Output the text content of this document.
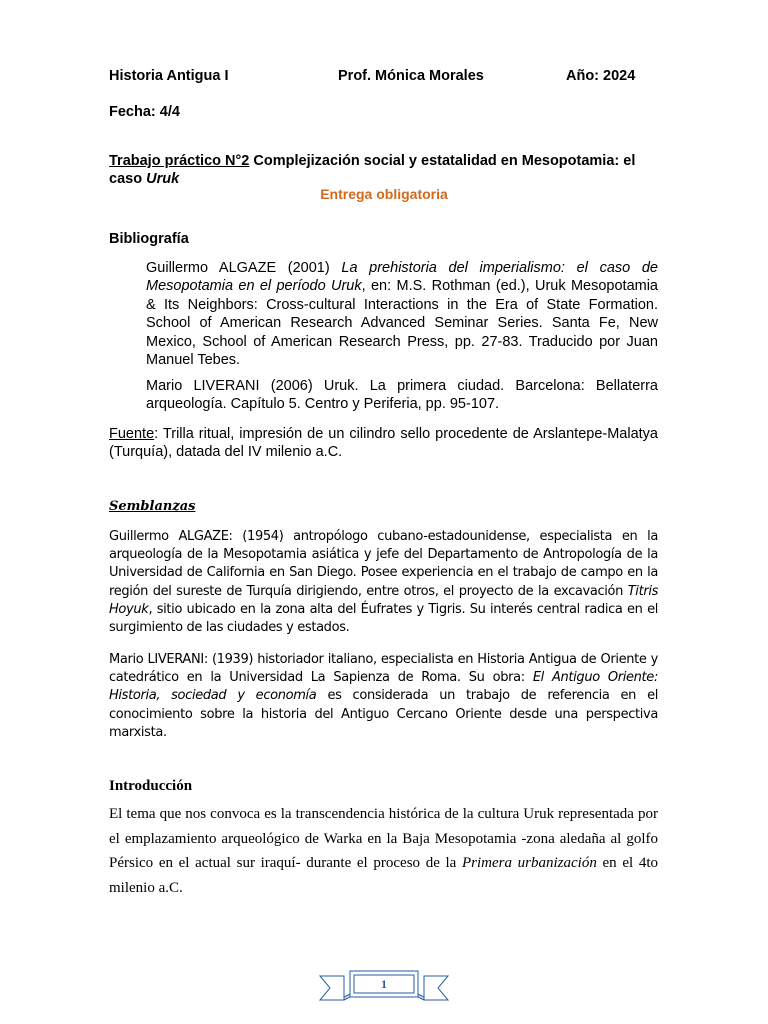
Historia Antigua I	Prof. Mónica Morales	Año: 2024
Fecha: 4/4
Trabajo práctico N°2 Complejización social y estatalidad en Mesopotamia: el caso Uruk
Entrega obligatoria
Bibliografía
Guillermo ALGAZE (2001) La prehistoria del imperialismo: el caso de Mesopotamia en el período Uruk, en: M.S. Rothman (ed.), Uruk Mesopotamia & Its Neighbors: Cross-cultural Interactions in the Era of State Formation. School of American Research Advanced Seminar Series. Santa Fe, New Mexico, School of American Research Press, pp. 27-83. Traducido por Juan Manuel Tebes.
Mario LIVERANI (2006) Uruk. La primera ciudad. Barcelona: Bellaterra arqueología. Capítulo 5. Centro y Periferia, pp. 95-107.
Fuente: Trilla ritual, impresión de un cilindro sello procedente de Arslantepe-Malatya (Turquía), datada del IV milenio a.C.
Semblanzas
Guillermo ALGAZE: (1954) antropólogo cubano-estadounidense, especialista en la arqueología de la Mesopotamia asiática y jefe del Departamento de Antropología de la Universidad de California en San Diego. Posee experiencia en el trabajo de campo en la región del sureste de Turquía dirigiendo, entre otros, el proyecto de la excavación Titris Hoyuk, sitio ubicado en la zona alta del Éufrates y Tigris. Su interés central radica en el surgimiento de las ciudades y estados.
Mario LIVERANI: (1939) historiador italiano, especialista en Historia Antigua de Oriente y catedrático en la Universidad La Sapienza de Roma. Su obra: El Antiguo Oriente: Historia, sociedad y economía es considerada un trabajo de referencia en el conocimiento sobre la historia del Antiguo Cercano Oriente desde una perspectiva marxista.
Introducción
El tema que nos convoca es la transcendencia histórica de la cultura Uruk representada por el emplazamiento arqueológico de Warka en la Baja Mesopotamia -zona aledaña al golfo Pérsico en el actual sur iraquí- durante el proceso de la Primera urbanización en el 4to milenio a.C.
1
